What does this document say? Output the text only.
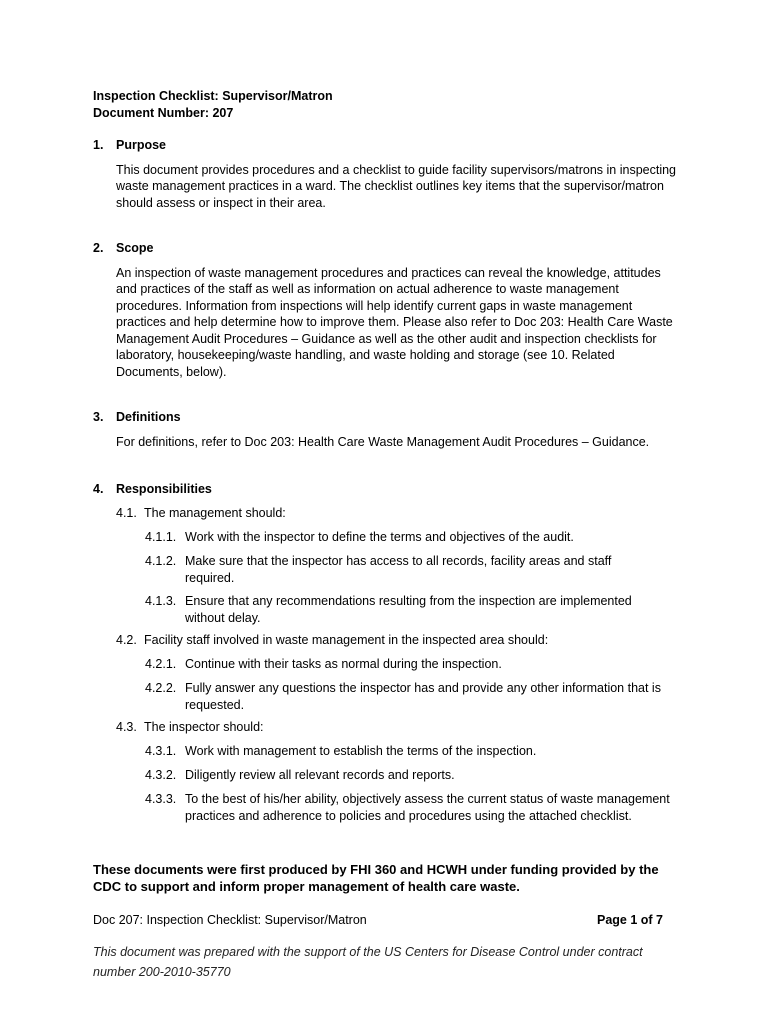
Inspection Checklist: Supervisor/Matron
Document Number: 207
1.	Purpose
This document provides procedures and a checklist to guide facility supervisors/matrons in inspecting waste management practices in a ward. The checklist outlines key items that the supervisor/matron should assess or inspect in their area.
2.	Scope
An inspection of waste management procedures and practices can reveal the knowledge, attitudes and practices of the staff as well as information on actual adherence to waste management procedures. Information from inspections will help identify current gaps in waste management practices and help determine how to improve them. Please also refer to Doc 203: Health Care Waste Management Audit Procedures – Guidance as well as the other audit and inspection checklists for laboratory, housekeeping/waste handling, and waste holding and storage (see 10. Related Documents, below).
3.	Definitions
For definitions, refer to Doc 203: Health Care Waste Management Audit Procedures – Guidance.
4.	Responsibilities
4.1. The management should:
4.1.1. Work with the inspector to define the terms and objectives of the audit.
4.1.2. Make sure that the inspector has access to all records, facility areas and staff required.
4.1.3. Ensure that any recommendations resulting from the inspection are implemented without delay.
4.2. Facility staff involved in waste management in the inspected area should:
4.2.1. Continue with their tasks as normal during the inspection.
4.2.2. Fully answer any questions the inspector has and provide any other information that is requested.
4.3. The inspector should:
4.3.1. Work with management to establish the terms of the inspection.
4.3.2. Diligently review all relevant records and reports.
4.3.3. To the best of his/her ability, objectively assess the current status of waste management practices and adherence to policies and procedures using the attached checklist.
These documents were first produced by FHI 360 and HCWH under funding provided by the CDC to support and inform proper management of health care waste.
Doc 207: Inspection Checklist: Supervisor/Matron	Page 1 of 7
This document was prepared with the support of the US Centers for Disease Control under contract number 200-2010-35770
